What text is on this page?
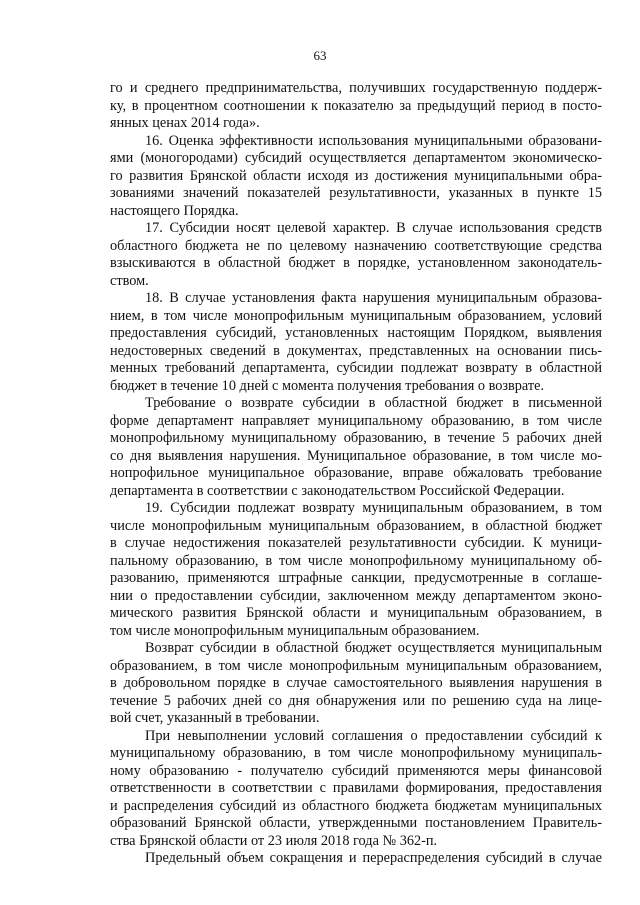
63
го и среднего предпринимательства, получивших государственную поддерж-
ку, в процентном соотношении к показателю за предыдущий период в посто-
янных ценах 2014 года».
16. Оценка эффективности использования муниципальными образовани-
ями (моногородами) субсидий осуществляется департаментом экономическо-
го развития Брянской области исходя из достижения муниципальными обра-
зованиями значений показателей результативности, указанных в пункте 15
настоящего Порядка.
17. Субсидии носят целевой характер. В случае использования средств
областного бюджета не по целевому назначению соответствующие средства
взыскиваются в областной бюджет в порядке, установленном законодатель-
ством.
18. В случае установления факта нарушения муниципальным образова-
нием, в том числе монопрофильным муниципальным образованием, условий
предоставления субсидий, установленных настоящим Порядком, выявления
недостоверных сведений в документах, представленных на основании пись-
менных требований департамента, субсидии подлежат возврату в областной
бюджет в течение 10 дней с момента получения требования о возврате.
Требование о возврате субсидии в областной бюджет в письменной
форме департамент направляет муниципальному образованию, в том числе
монопрофильному муниципальному образованию, в течение 5 рабочих дней
со дня выявления нарушения. Муниципальное образование, в том числе мо-
нопрофильное муниципальное образование, вправе обжаловать требование
департамента в соответствии с законодательством Российской Федерации.
19. Субсидии подлежат возврату муниципальным образованием, в том
числе монопрофильным муниципальным образованием, в областной бюджет
в случае недостижения показателей результативности субсидии. К муници-
пальному образованию, в том числе монопрофильному муниципальному об-
разованию, применяются штрафные санкции, предусмотренные в соглаше-
нии о предоставлении субсидии, заключенном между департаментом эконо-
мического развития Брянской области и муниципальным образованием, в
том числе монопрофильным муниципальным образованием.
Возврат субсидии в областной бюджет осуществляется муниципальным
образованием, в том числе монопрофильным муниципальным образованием,
в добровольном порядке в случае самостоятельного выявления нарушения в
течение 5 рабочих дней со дня обнаружения или по решению суда на лице-
вой счет, указанный в требовании.
При невыполнении условий соглашения о предоставлении субсидий к
муниципальному образованию, в том числе монопрофильному муниципаль-
ному образованию - получателю субсидий применяются меры финансовой
ответственности в соответствии с правилами формирования, предоставления
и распределения субсидий из областного бюджета бюджетам муниципальных
образований Брянской области, утвержденными постановлением Правитель-
ства Брянской области от 23 июля 2018 года № 362-п.
Предельный объем сокращения и перераспределения субсидий в случае
